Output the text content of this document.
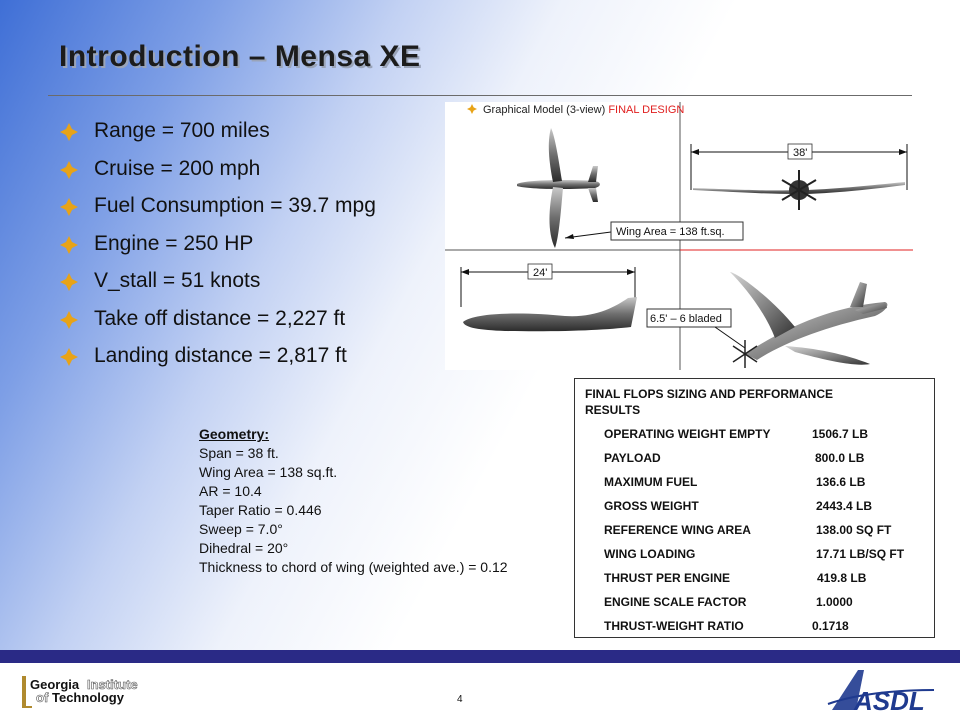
Introduction – Mensa XE
Range = 700 miles
Cruise = 200 mph
Fuel Consumption = 39.7 mpg
Engine = 250 HP
V_stall = 51 knots
Take off distance = 2,227 ft
Landing distance = 2,817 ft
Wing Area = 138 ft.sq.
38'
24'
6.5' – 6 bladed
Graphical Model (3-view) FINAL DESIGN
FINAL FLOPS SIZING AND PERFORMANCE RESULTS
OPERATING WEIGHT EMPTY	1506.7 LB
PAYLOAD	800.0 LB
MAXIMUM FUEL	136.6 LB
GROSS WEIGHT	2443.4 LB
REFERENCE WING AREA	138.00 SQ FT
WING LOADING	17.71 LB/SQ FT
THRUST PER ENGINE	419.8 LB
ENGINE SCALE FACTOR	1.0000
THRUST-WEIGHT RATIO	0.1718
Geometry:
Span = 38 ft.
Wing Area = 138 sq.ft.
AR = 10.4
Taper Ratio = 0.446
Sweep = 7.0°
Dihedral = 20°
Thickness to chord of wing (weighted ave.) = 0.12
Georgia Institute
of Technology	4	ASDL
